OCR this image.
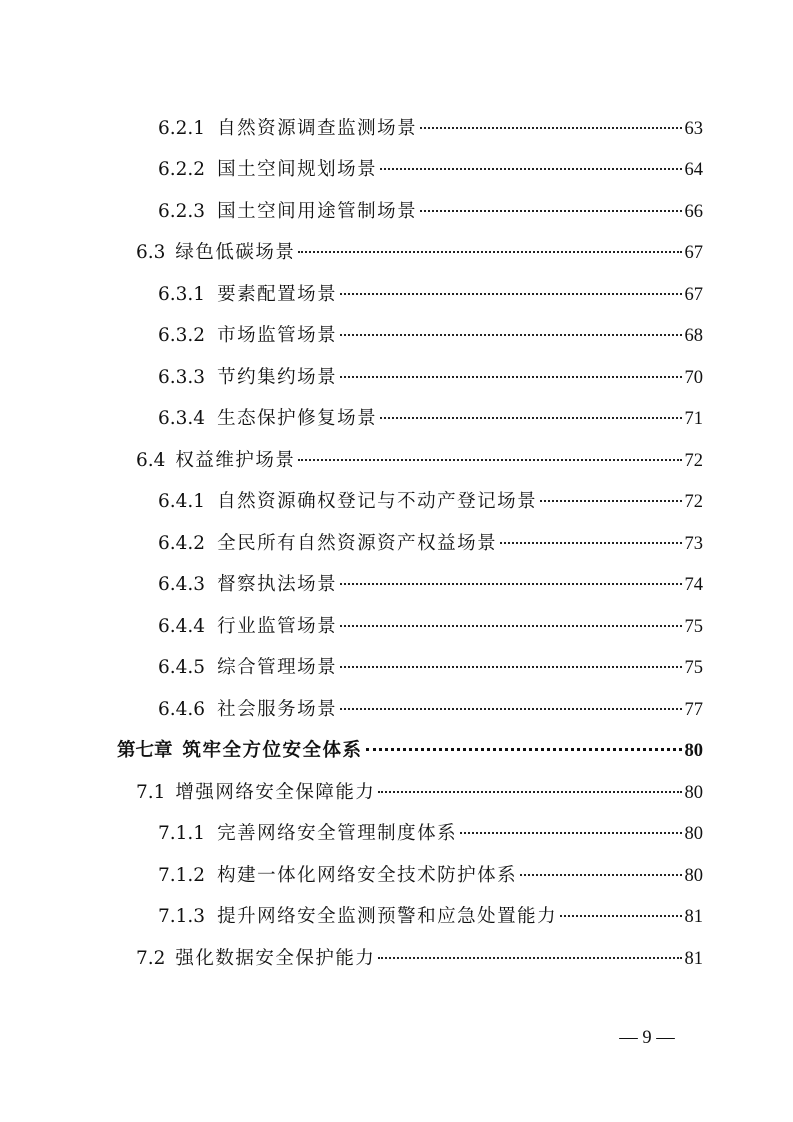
6.2.1 自然资源调查监测场景	63
6.2.2 国土空间规划场景	64
6.2.3 国土空间用途管制场景	66
6.3 绿色低碳场景	67
6.3.1 要素配置场景	67
6.3.2 市场监管场景	68
6.3.3 节约集约场景	70
6.3.4 生态保护修复场景	71
6.4 权益维护场景	72
6.4.1 自然资源确权登记与不动产登记场景	72
6.4.2 全民所有自然资源资产权益场景	73
6.4.3 督察执法场景	74
6.4.4 行业监管场景	75
6.4.5 综合管理场景	75
6.4.6 社会服务场景	77
第七章 筑牢全方位安全体系	80
7.1 增强网络安全保障能力	80
7.1.1 完善网络安全管理制度体系	80
7.1.2 构建一体化网络安全技术防护体系	80
7.1.3 提升网络安全监测预警和应急处置能力	81
7.2 强化数据安全保护能力	81
— 9 —
